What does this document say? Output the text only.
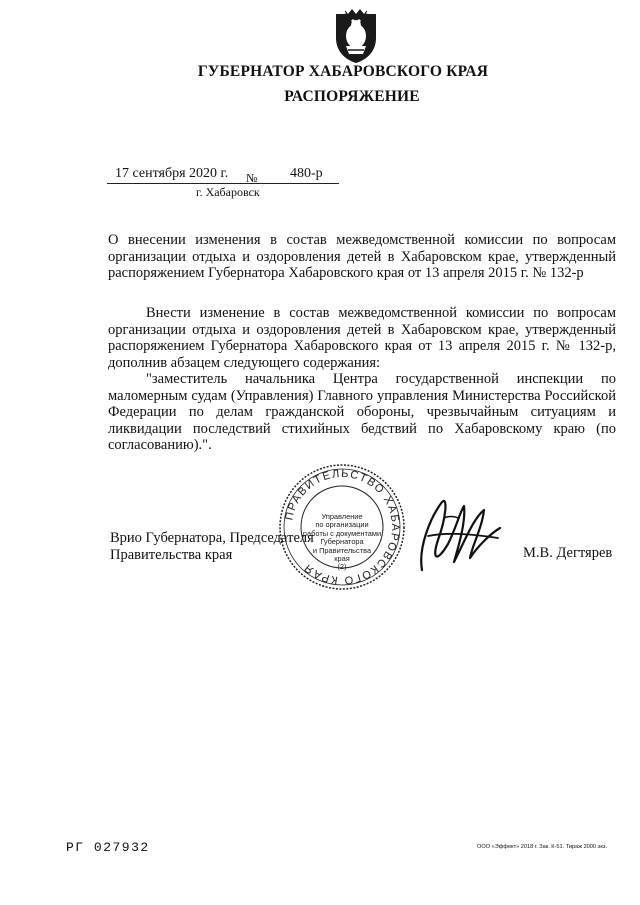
ГУБЕРНАТОР ХАБАРОВСКОГО КРАЯ
РАСПОРЯЖЕНИЕ
17 сентября 2020 г. № 480-р
г. Хабаровск
О внесении изменения в состав межведомственной комиссии по вопросам организации отдыха и оздоровления детей в Хабаровском крае, утвержденный распоряжением Губернатора Хабаровского края от 13 апреля 2015 г. № 132-р

Внести изменение в состав межведомственной комиссии по вопросам организации отдыха и оздоровления детей в Хабаровском крае, утвержденный распоряжением Губернатора Хабаровского края от 13 апреля 2015 г. № 132-р, дополнив абзацем следующего содержания:

"заместитель начальника Центра государственной инспекции по маломерным судам (Управления) Главного управления Министерства Российской Федерации по делам гражданской обороны, чрезвычайным ситуациям и ликвидации последствий стихийных бедствий по Хабаровскому краю (по согласованию).".

ПРАВИТЕЛЬСТВО ХАБАРОВСКОГО КРАЯ
Управление
по организации
работы с документами
Губернатора
и Правительства
края
(2)
Врио Губернатора, Председателя
Правительства края	М.В. Дегтярев
РГ 027932	ООО «Эффект» 2018 г. Зак. К-51. Тираж 2000 экз.
